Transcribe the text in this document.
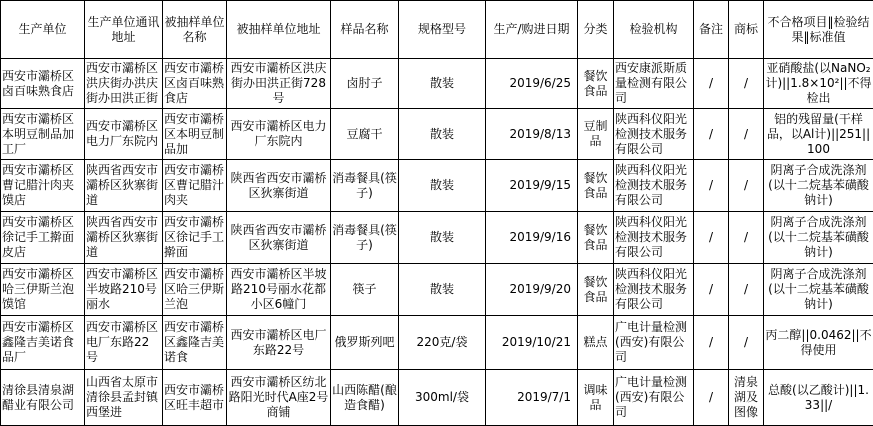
生产单位	生产单位通讯地址	被抽样单位名称	被抽样单位地址	样品名称	规格型号	生产/购进日期	分类	检验机构	备注	商标	不合格项目‖检验结果‖标准值

西安市灞桥区卤百味熟食店	西安市灞桥区洪庆街办洪庆街办田洪正街	西安市灞桥区卤百味熟食店	西安市灞桥区洪庆街办田洪正街728号	卤肘子	散装	2019/6/25	餐饮食品	西安康派斯质量检测有限公司	/	/	亚硝酸盐(以NaNO₂计)||1.8×10²||不得检出

西安市灞桥区本明豆制品加工厂	西安市灞桥区电力厂东院内	西安市灞桥区本明豆制品加	西安市灞桥区电力厂东院内	豆腐干	散装	2019/8/13	豆制品	陕西科仪阳光检测技术服务有限公司	/	/	铝的残留量(干样品，以Al计)||251||100

西安市灞桥区曹记腊汁肉夹馍店	陕西省西安市灞桥区狄寨街道	西安市灞桥区曹记腊汁肉夹	陕西省西安市灞桥区狄寨街道	消毒餐具(筷子)	散装	2019/9/15	餐饮食品	陕西科仪阳光检测技术服务有限公司	/	/	阴离子合成洗涤剂(以十二烷基苯磺酸钠计)

西安市灞桥区徐记手工擀面皮店	陕西省西安市灞桥区狄寨街道	西安市灞桥区徐记手工擀面	陕西省西安市灞桥区狄寨街道	消毒餐具(筷子)	散装	2019/9/16	餐饮食品	陕西科仪阳光检测技术服务有限公司	/	/	阴离子合成洗涤剂(以十二烷基苯磺酸钠计)

西安市灞桥区哈三伊斯兰泡馍馆	西安市灞桥区半坡路210号丽水	西安市灞桥区哈三伊斯兰泡	西安市灞桥区半坡路210号丽水花都小区6幢门	筷子	散装	2019/9/20	餐饮食品	陕西科仪阳光检测技术服务有限公司	/	/	阴离子合成洗涤剂(以十二烷基苯磺酸钠计)

西安市灞桥区鑫隆吉美诺食品厂	西安市灞桥区电厂东路22号	西安市灞桥区鑫隆吉美诺食	西安市灞桥区电厂东路22号	俄罗斯列吧	220克/袋	2019/10/21	糕点	广电计量检测(西安)有限公司	/	/	丙二醇||0.0462||不得使用

清徐县清泉湖醋业有限公司	山西省太原市清徐县孟封镇西堡进	西安市灞桥区旺丰超市	西安市灞桥区纺北路阳光时代A座2号商铺	山西陈醋(酿造食醋)	300ml/袋	2019/7/1	调味品	广电计量检测(西安)有限公司	/	清泉湖及图像	总酸(以乙酸计)||1.33||/
